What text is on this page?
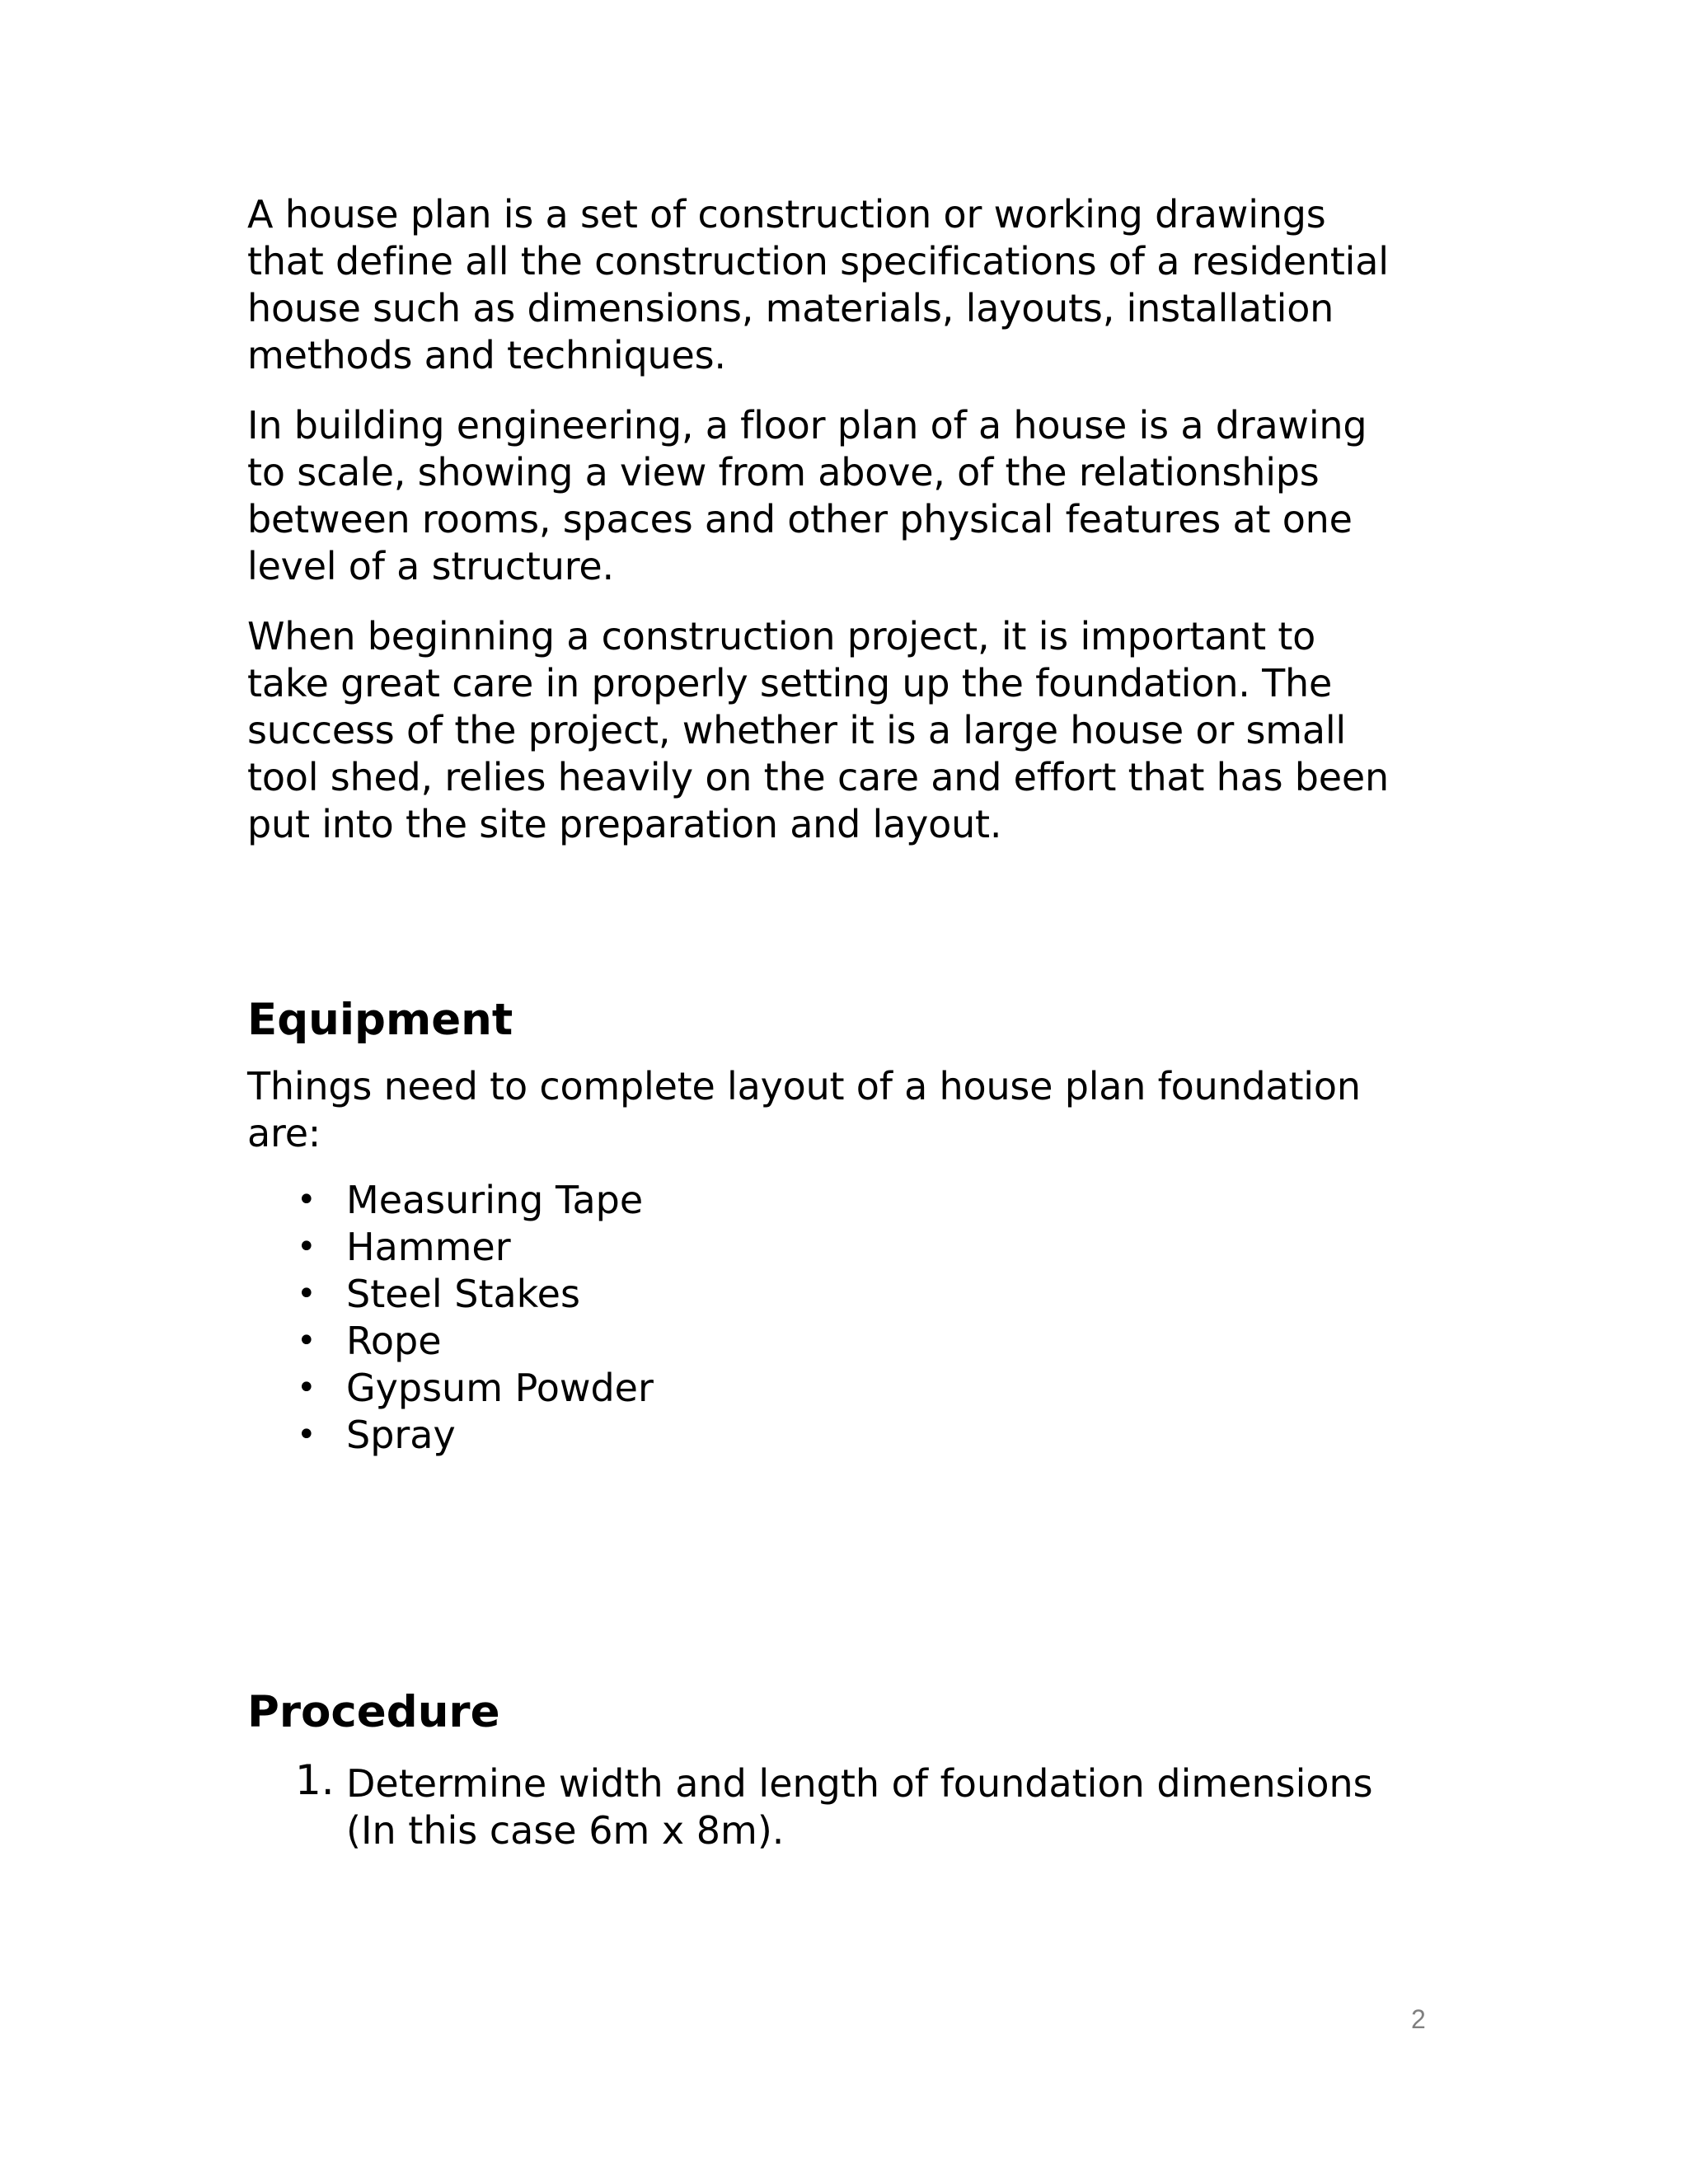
A house plan is a set of construction or working drawings
that define all the construction specifications of a residential
house such as dimensions, materials, layouts, installation
methods and techniques.

In building engineering, a floor plan of a house is a drawing
to scale, showing a view from above, of the relationships
between rooms, spaces and other physical features at one
level of a structure.

When beginning a construction project, it is important to
take great care in properly setting up the foundation. The
success of the project, whether it is a large house or small
tool shed, relies heavily on the care and effort that has been
put into the site preparation and layout.

Equipment

Things need to complete layout of a house plan foundation
are:

• Measuring Tape
• Hammer
• Steel Stakes
• Rope
• Gypsum Powder
• Spray
Procedure
1. Determine width and length of foundation dimensions
(In this case 6m x 8m).
2
